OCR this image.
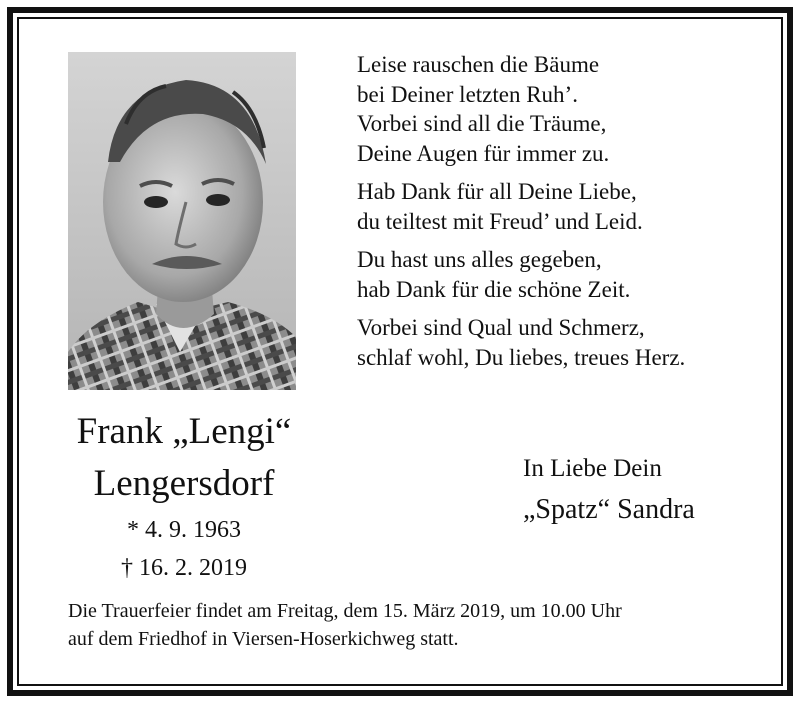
Leise rauschen die Bäume
bei Deiner letzten Ruh’.
Vorbei sind all die Träume,
Deine Augen für immer zu.
Hab Dank für all Deine Liebe,
du teiltest mit Freud’ und Leid.
Du hast uns alles gegeben,
hab Dank für die schöne Zeit.
Vorbei sind Qual und Schmerz,
schlaf wohl, Du liebes, treues Herz.
Frank „Lengi“
Lengersdorf
* 4. 9. 1963
† 16. 2. 2019
In Liebe Dein
„Spatz“ Sandra
Die Trauerfeier findet am Freitag, dem 15. März 2019, um 10.00 Uhr
auf dem Friedhof in Viersen-Hoserkichweg statt.
